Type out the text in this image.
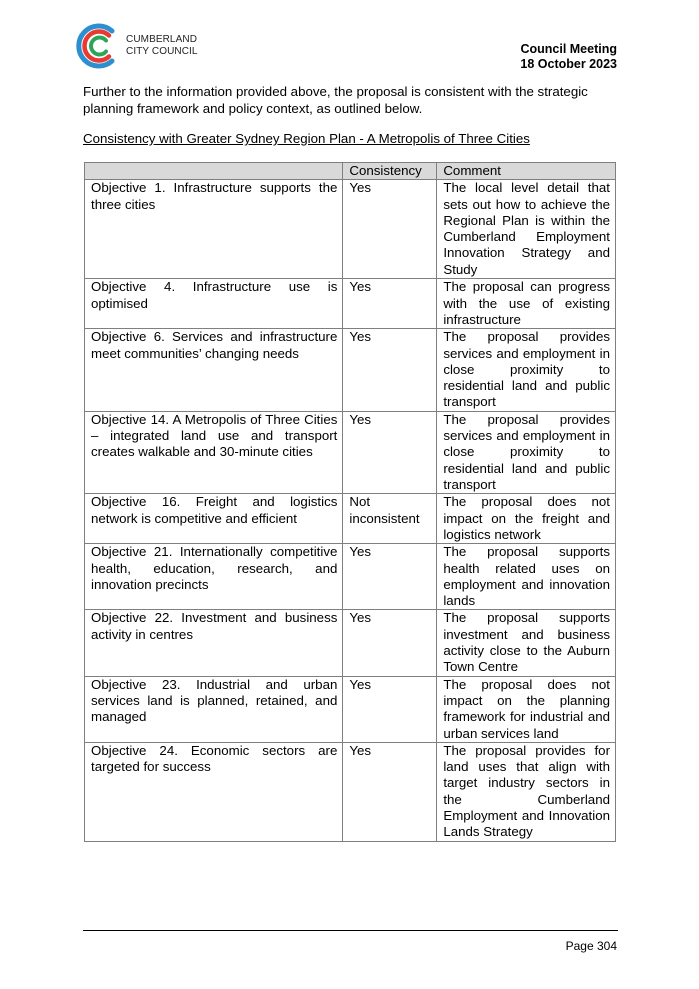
CUMBERLAND
CITY COUNCIL	Council Meeting
18 October 2023
Further to the information provided above, the proposal is consistent with the strategic planning framework and policy context, as outlined below.
Consistency with Greater Sydney Region Plan - A Metropolis of Three Cities
	Consistency	Comment
Objective 1. Infrastructure supports the three cities	Yes	The local level detail that sets out how to achieve the Regional Plan is within the Cumberland Employment Innovation Strategy and Study
Objective 4. Infrastructure use is optimised	Yes	The proposal can progress with the use of existing infrastructure
Objective 6. Services and infrastructure meet communities’ changing needs	Yes	The proposal provides services and employment in close proximity to residential land and public transport
Objective 14. A Metropolis of Three Cities – integrated land use and transport creates walkable and 30-minute cities	Yes	The proposal provides services and employment in close proximity to residential land and public transport
Objective 16. Freight and logistics network is competitive and efficient	Not inconsistent	The proposal does not impact on the freight and logistics network
Objective 21. Internationally competitive health, education, research, and innovation precincts	Yes	The proposal supports health related uses on employment and innovation lands
Objective 22. Investment and business activity in centres	Yes	The proposal supports investment and business activity close to the Auburn Town Centre
Objective 23. Industrial and urban services land is planned, retained, and managed	Yes	The proposal does not impact on the planning framework for industrial and urban services land
Objective 24. Economic sectors are targeted for success	Yes	The proposal provides for land uses that align with target industry sectors in the Cumberland Employment and Innovation Lands Strategy
Page 304
